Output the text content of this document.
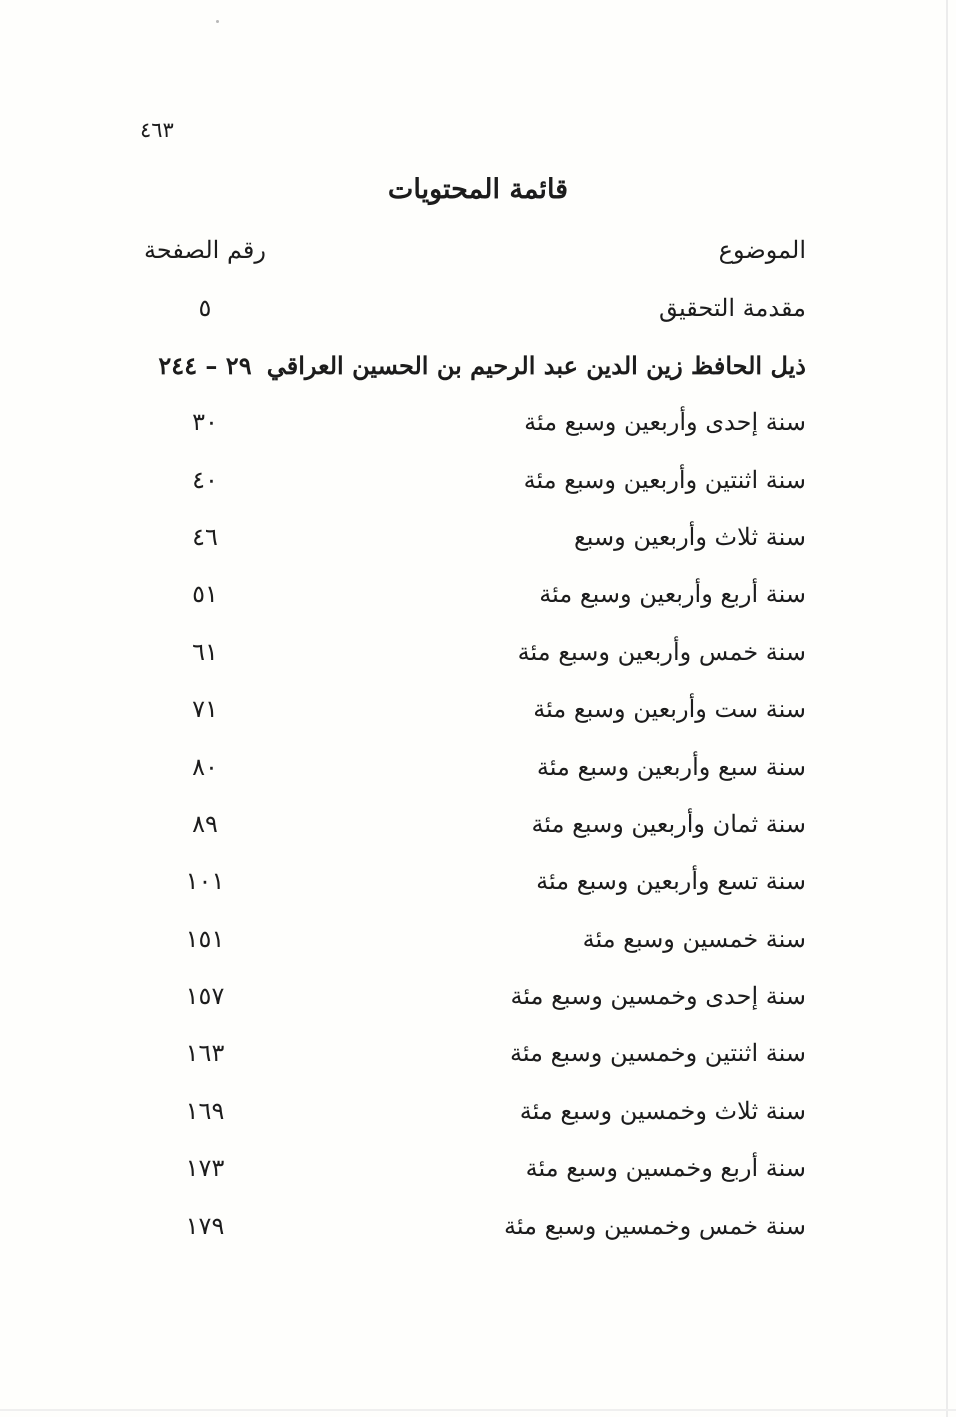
٤٦٣
قائمة المحتويات
الموضوع
رقم الصفحة
مقدمة التحقيق
٥
ذيل الحافظ زين الدين عبد الرحيم بن الحسين العراقي
٢٩ – ٢٤٤
سنة إحدى وأربعين وسبع مئة
٣٠
سنة اثنتين وأربعين وسبع مئة
٤٠
سنة ثلاث وأربعين وسبع
٤٦
سنة أربع وأربعين وسبع مئة
٥١
سنة خمس وأربعين وسبع مئة
٦١
سنة ست وأربعين وسبع مئة
٧١
سنة سبع وأربعين وسبع مئة
٨٠
سنة ثمان وأربعين وسبع مئة
٨٩
سنة تسع وأربعين وسبع مئة
١٠١
سنة خمسين وسبع مئة
١٥١
سنة إحدى وخمسين وسبع مئة
١٥٧
سنة اثنتين وخمسين وسبع مئة
١٦٣
سنة ثلاث وخمسين وسبع مئة
١٦٩
سنة أربع وخمسين وسبع مئة
١٧٣
سنة خمس وخمسين وسبع مئة
١٧٩
